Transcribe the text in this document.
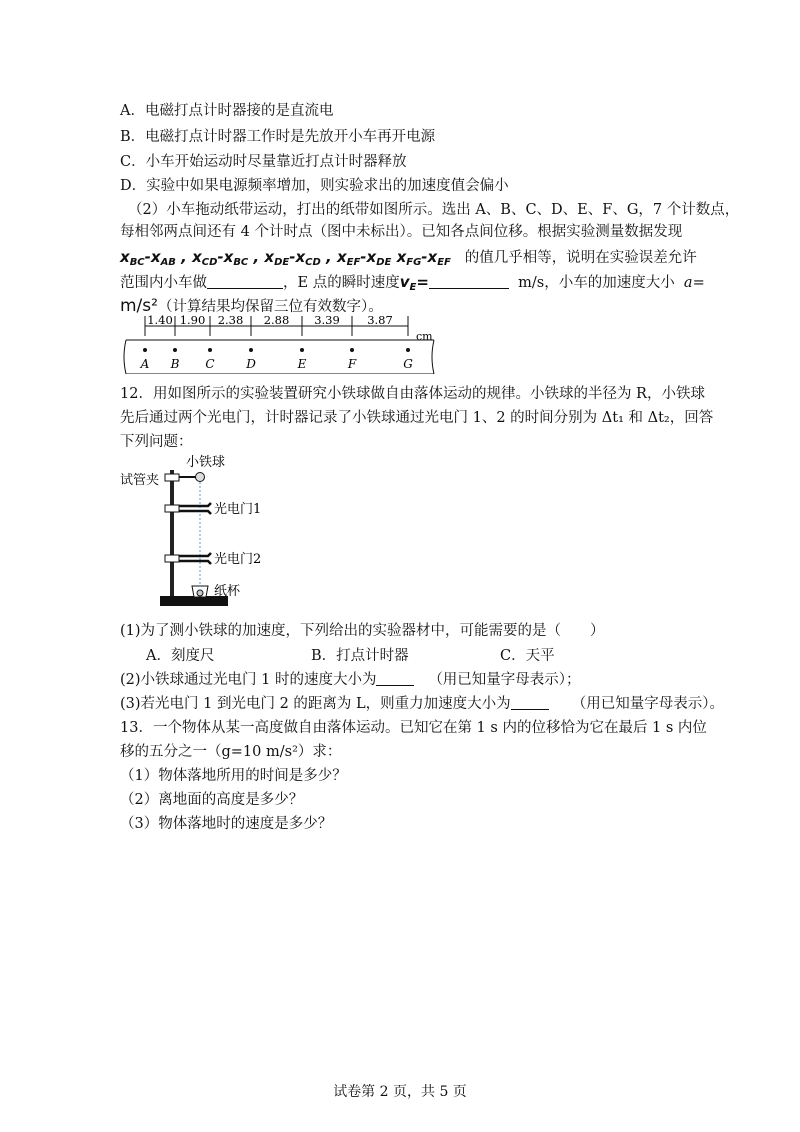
A．电磁打点计时器接的是直流电
B．电磁打点计时器工作时是先放开小车再开电源
C．小车开始运动时尽量靠近打点计时器释放
D．实验中如果电源频率增加，则实验求出的加速度值会偏小
（2）小车拖动纸带运动，打出的纸带如图所示。选出 A、B、C、D、E、F、G，7 个计数点，
每相邻两点间还有 4 个计时点（图中未标出）。已知各点间位移。根据实验测量数据发现
$x_{BC}-x_{AB}$ , $x_{CD}-x_{BC}$ , $x_{DE}-x_{CD}$ , $x_{EF}-x_{DE}$ $x_{FG}-x_{EF}$ 的值几乎相等，说明在实验误差允许
范围内小车做	，E 点的瞬时速度$v_E=$	m/s，小车的加速度大小 a=
m/s²（计算结果均保留三位有效数字）。
1.40 1.90 2.38 2.88 3.39 3.87
cm
A B C	D	E	F	G
12．用如图所示的实验装置研究小铁球做自由落体运动的规律。小铁球的半径为 R，小铁球
先后通过两个光电门，计时器记录了小铁球通过光电门 1、2 的时间分别为 Δt₁ 和 Δt₂，回答
下列问题：
小铁球
试管夹
光电门1
光电门2
纸杯
(1)为了测小铁球的加速度，下列给出的实验器材中，可能需要的是（　　）
A．刻度尺	B．打点计时器	C．天平
(2)小铁球通过光电门 1 时的速度大小为	（用已知量字母表示）；
(3)若光电门 1 到光电门 2 的距离为 L，则重力加速度大小为	（用已知量字母表示）。
13．一个物体从某一高度做自由落体运动。已知它在第 1 s 内的位移恰为它在最后 1 s 内位
移的五分之一（g=10 m/s²）求：
（1）物体落地所用的时间是多少？
（2）离地面的高度是多少？
（3）物体落地时的速度是多少？
试卷第 2 页，共 5 页
